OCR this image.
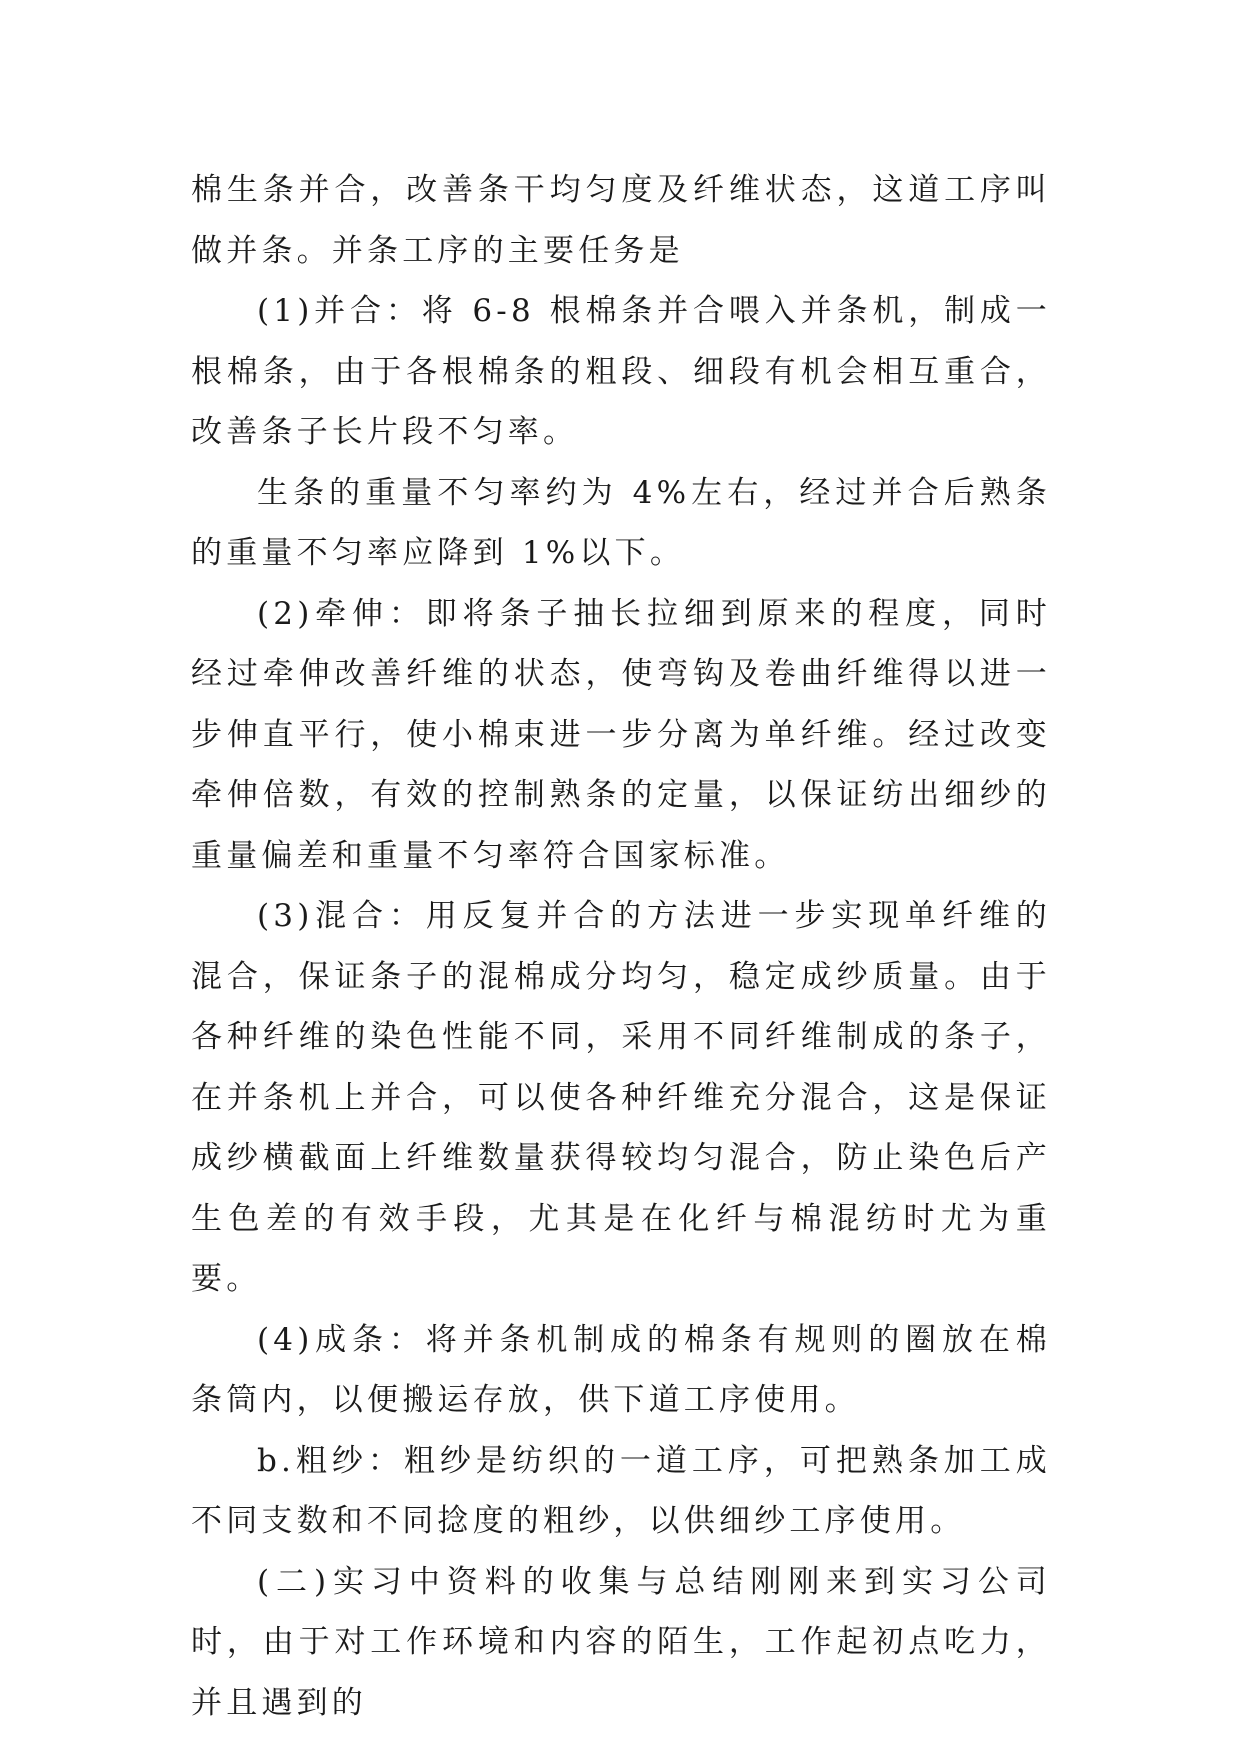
棉生条并合，改善条干均匀度及纤维状态，这道工序叫做并条。并条工序的主要任务是

(1)并合：将 6-8 根棉条并合喂入并条机，制成一根棉条，由于各根棉条的粗段、细段有机会相互重合，改善条子长片段不匀率。

生条的重量不匀率约为 4%左右，经过并合后熟条的重量不匀率应降到 1%以下。

(2)牵伸：即将条子抽长拉细到原来的程度，同时经过牵伸改善纤维的状态，使弯钩及卷曲纤维得以进一步伸直平行，使小棉束进一步分离为单纤维。经过改变牵伸倍数，有效的控制熟条的定量，以保证纺出细纱的重量偏差和重量不匀率符合国家标准。

(3)混合：用反复并合的方法进一步实现单纤维的混合，保证条子的混棉成分均匀，稳定成纱质量。由于各种纤维的染色性能不同，采用不同纤维制成的条子，在并条机上并合，可以使各种纤维充分混合，这是保证成纱横截面上纤维数量获得较均匀混合，防止染色后产生色差的有效手段，尤其是在化纤与棉混纺时尤为重要。

(4)成条：将并条机制成的棉条有规则的圈放在棉条筒内，以便搬运存放，供下道工序使用。

b.粗纱：粗纱是纺织的一道工序，可把熟条加工成不同支数和不同捻度的粗纱，以供细纱工序使用。

(二)实习中资料的收集与总结刚刚来到实习公司时，由于对工作环境和内容的陌生，工作起初点吃力，并且遇到的
